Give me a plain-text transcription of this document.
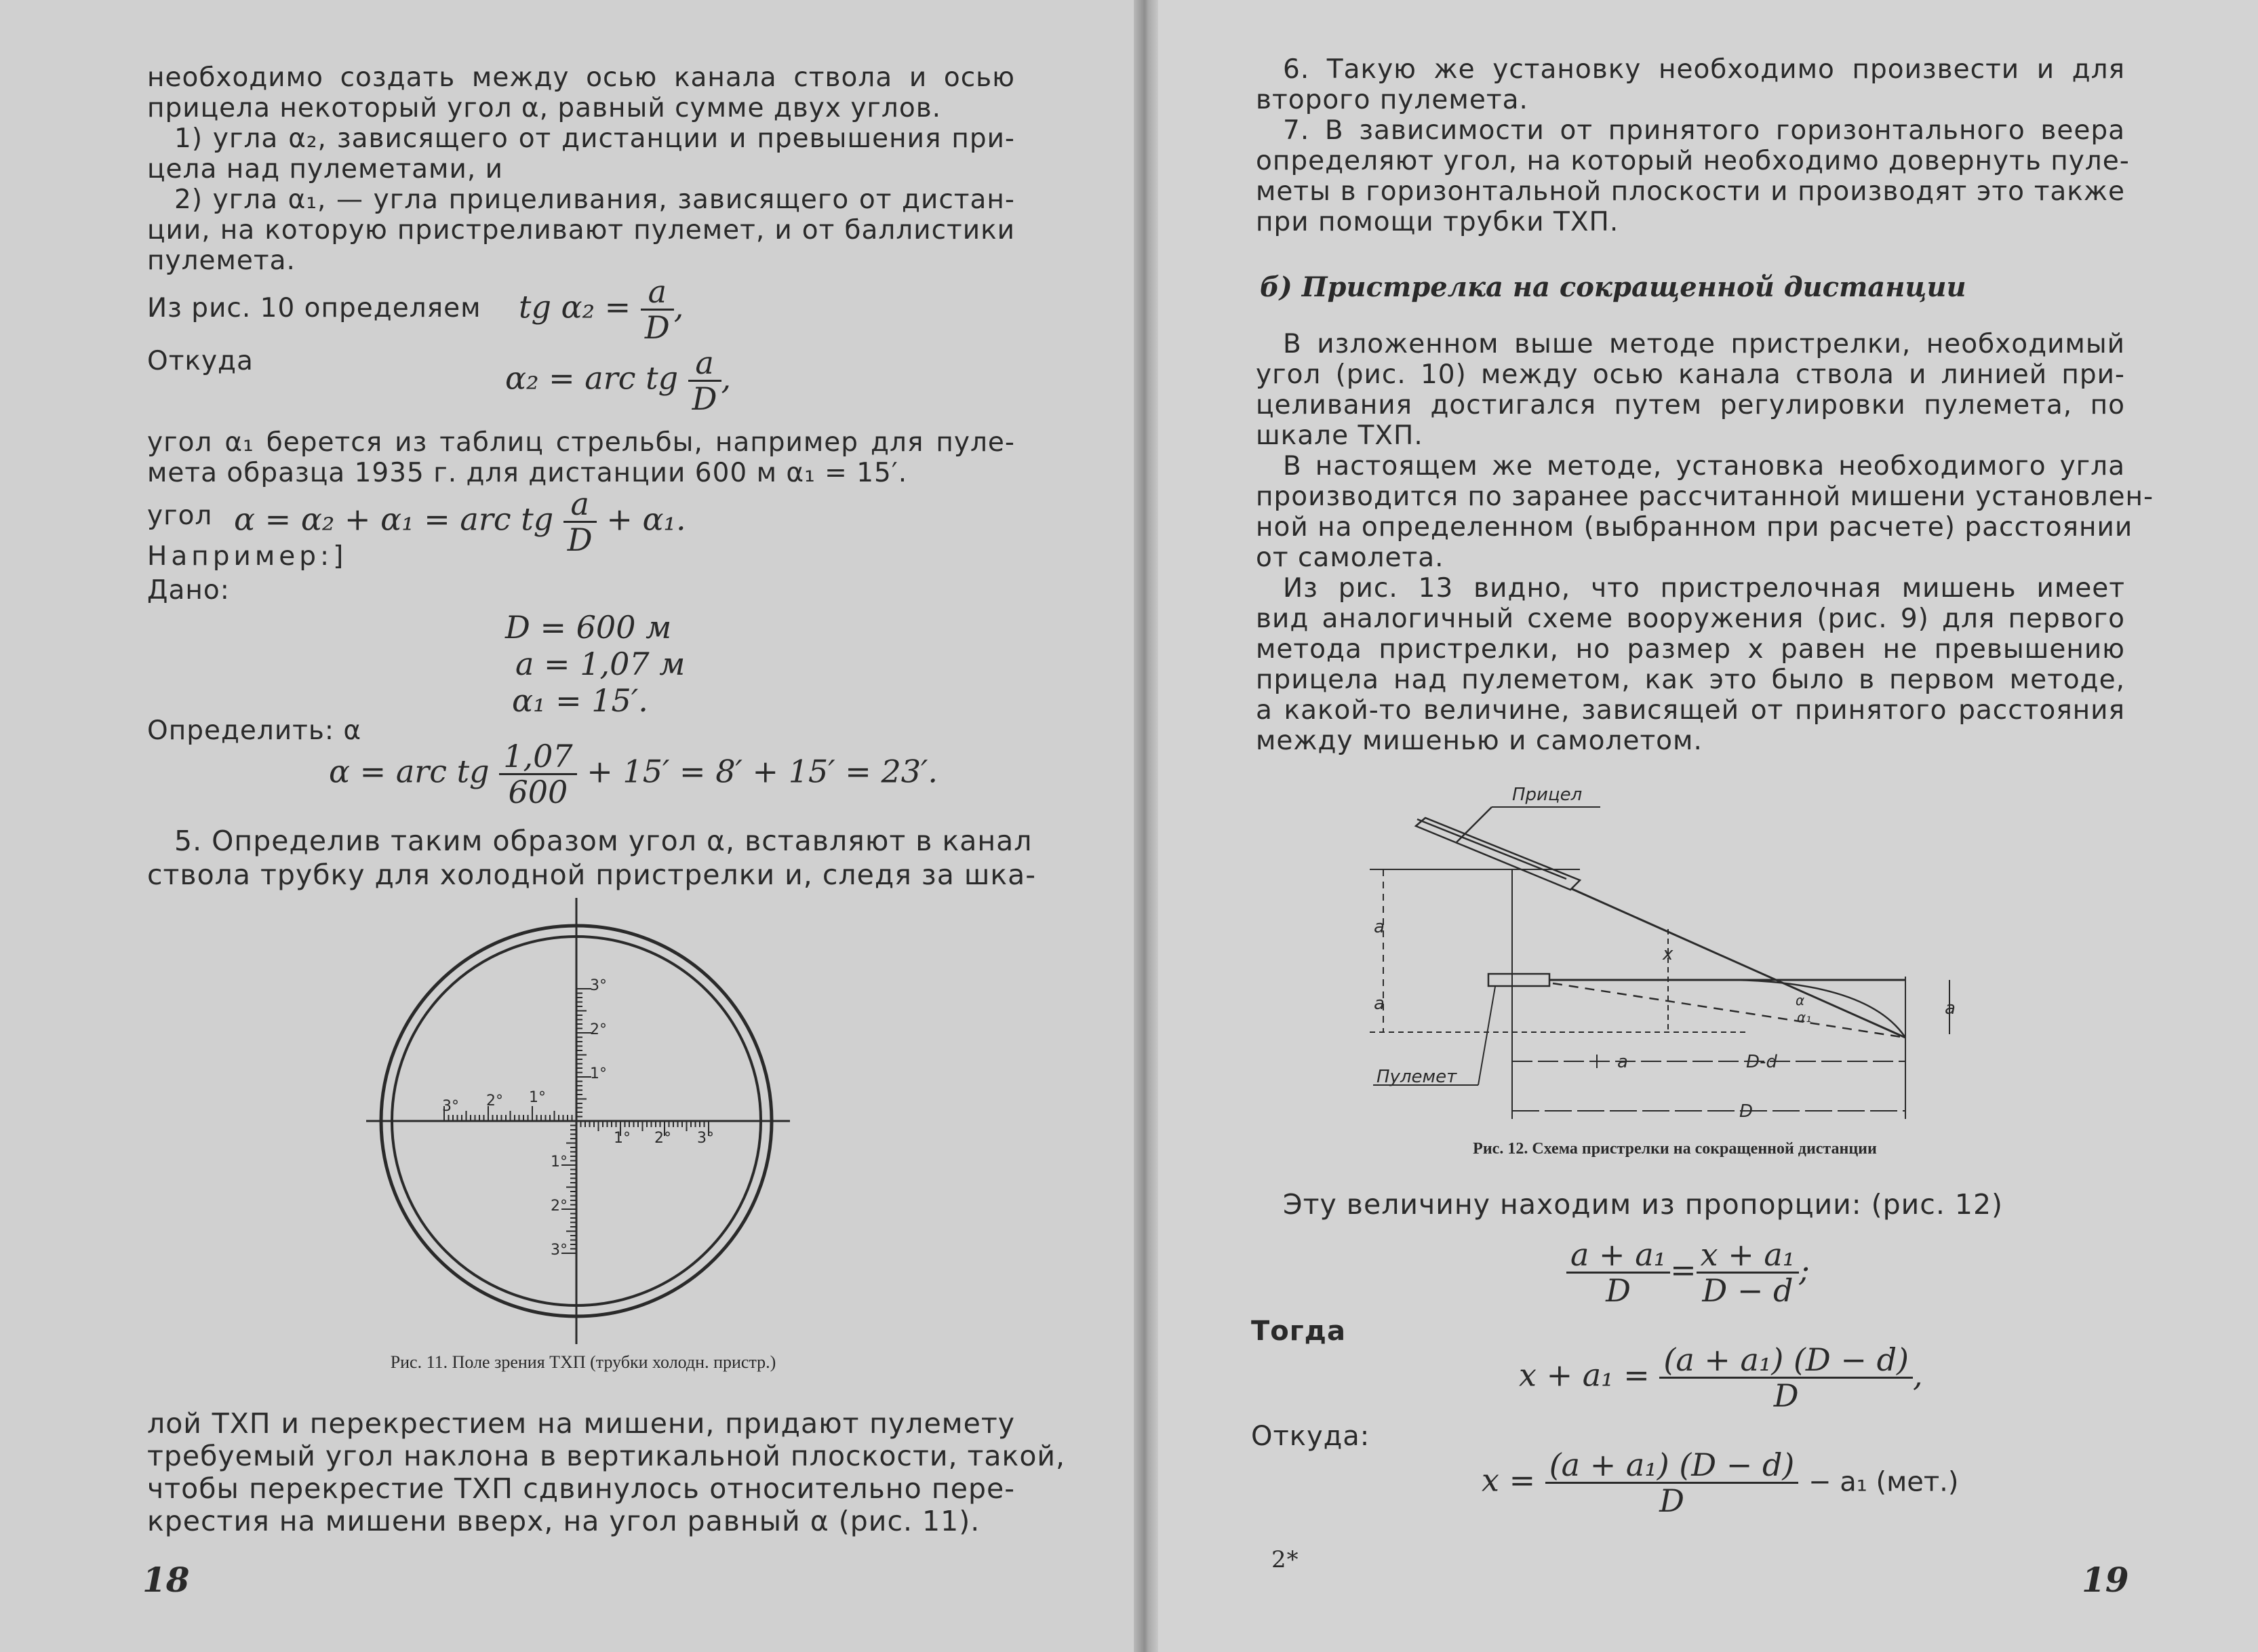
необходимо создать между осью канала ствола и осью
прицела некоторый угол α, равный сумме двух углов.
1) угла α₂, зависящего от дистанции и превышения при-
цела над пулеметами, и
2) угла α₁, — угла прицеливания, зависящего от дистан-
ции, на которую пристреливают пулемет, и от баллистики
пулемета.
Из рис. 10 определяем tg $\alpha_2 = \frac{a}{D}$ ,
Откуда	α₂ = arc tg $\frac{a}{D}$ ,
угол α₁ берется из таблиц стрельбы, например для пуле-
мета образца 1935 г. для дистанции 600 м α₁ = 15′.
угол α = α₂ + α₁ = arc tg $\frac{a}{D} + \alpha_1$.
Например:]
Дано:
D = 600 м
a = 1,07 м
α₁ = 15′.
Определить: α
α = arc tg $\frac{1,07}{600} + 15' = 8' + 15' = 23'$.
5. Определив таким образом угол α, вставляют в канал
ствола трубку для холодной пристрелки и, следя за шка-
3°
2°
1°
3° 2° 1°
1° 2° 3°
1°
2°
3°
Рис. 11. Поле зрения ТХП (трубки холодн. пристр.)
лой ТХП и перекрестием на мишени, придают пулемету
требуемый угол наклона в вертикальной плоскости, такой,
чтобы перекрестие ТХП сдвинулось относительно пере-
крестия на мишени вверх, на угол равный α (рис. 11).
18
6. Такую же установку необходимо произвести и для
второго пулемета.
7. В зависимости от принятого горизонтального веера
определяют угол, на который необходимо довернуть пуле-
меты в горизонтальной плоскости и производят это также
при помощи трубки ТХП.
б) Пристрелка на сокращенной дистанции
В изложенном выше методе пристрелки, необходимый
угол (рис. 10) между осью канала ствола и линией при-
целивания достигался путем регулировки пулемета, по
шкале ТХП.
В настоящем же методе, установка необходимого угла
производится по заранее рассчитанной мишени установлен-
ной на определенном (выбранном при расчете) расстоянии
от самолета.
Из рис. 13 видно, что пристрелочная мишень имеет
вид аналогичный схеме вооружения (рис. 9) для первого
метода пристрелки, но размер x равен не превышению
прицела над пулеметом, как это было в первом методе,
а какой-то величине, зависящей от принятого расстояния
между мишенью и самолетом.
Прицел
Пулемет
a
a
x
a
a	D-d
D
α
α₁
Рис. 12. Схема пристрелки на сокращенной дистанции
Эту величину находим из пропорции: (рис. 12)
$\frac{\text{a + a₁}}{D} = \frac{\text{x + a₁}}{D - d}$ ;
Тогда
$x + a_1 = \frac{\text{(a + a₁) (D − d)}}{D}$ ,
Откуда:
$x = \frac{\text{(a + a₁) (D − d)}}{D} - a_1$ (мет.)
2*	19
